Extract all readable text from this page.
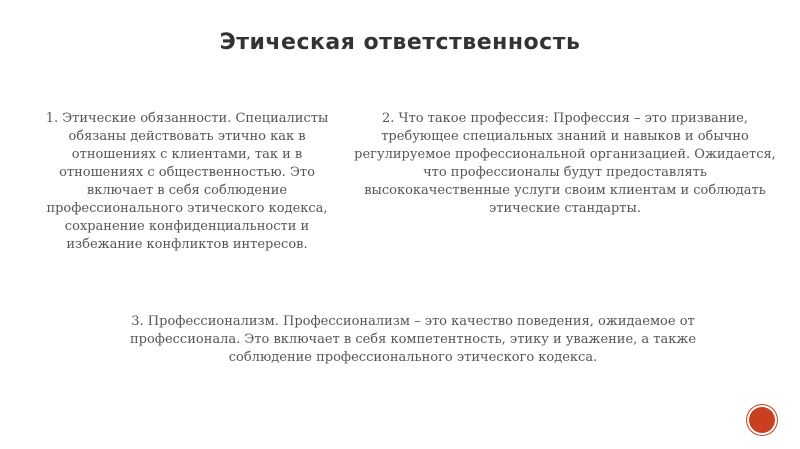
Этическая ответственность
1. Этические обязанности. Специалисты обязаны действовать этично как в отношениях с клиентами, так и в отношениях с общественностью. Это включает в себя соблюдение профессионального этического кодекса, сохранение конфиденциальности и избежание конфликтов интересов.
2. Что такое профессия: Профессия – это призвание, требующее специальных знаний и навыков и обычно регулируемое профессиональной организацией. Ожидается, что профессионалы будут предоставлять высококачественные услуги своим клиентам и соблюдать этические стандарты.
3. Профессионализм. Профессионализм – это качество поведения, ожидаемое от профессионала. Это включает в себя компетентность, этику и уважение, а также соблюдение профессионального этического кодекса.
